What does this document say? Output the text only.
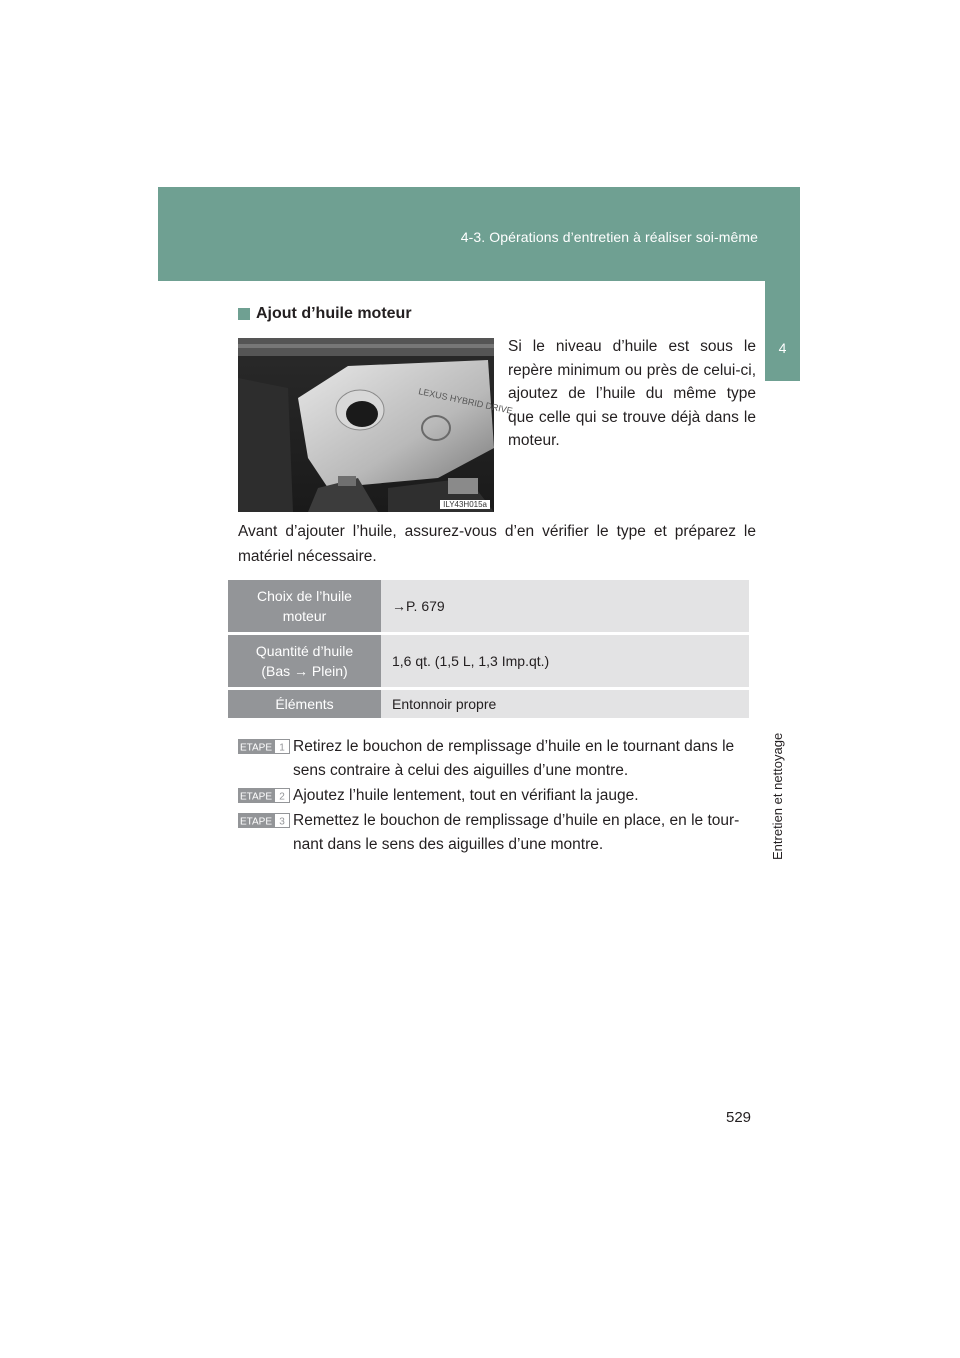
4-3. Opérations d’entretien à réaliser soi-même
4
Entretien et nettoyage
Ajout d’huile moteur
LEXUS HYBRID DRIVE
ILY43H015a
Si le niveau d’huile est sous le repère minimum ou près de celui-ci, ajoutez de l’huile du même type que celle qui se trouve déjà dans le moteur.
Avant d’ajouter l’huile, assurez-vous d’en vérifier le type et préparez le matériel nécessaire.
Choix de l’huile
moteur	→P. 679

Quantité d’huile
(Bas → Plein)	1,6 qt. (1,5 L, 1,3 Imp.qt.)

Éléments	Entonnoir propre
ETAPE 1 Retirez le bouchon de remplissage d’huile en le tournant dans le sens contraire à celui des aiguilles d’une montre.
ETAPE 2 Ajoutez l’huile lentement, tout en vérifiant la jauge.
ETAPE 3 Remettez le bouchon de remplissage d’huile en place, en le tour-nant dans le sens des aiguilles d’une montre.
529
